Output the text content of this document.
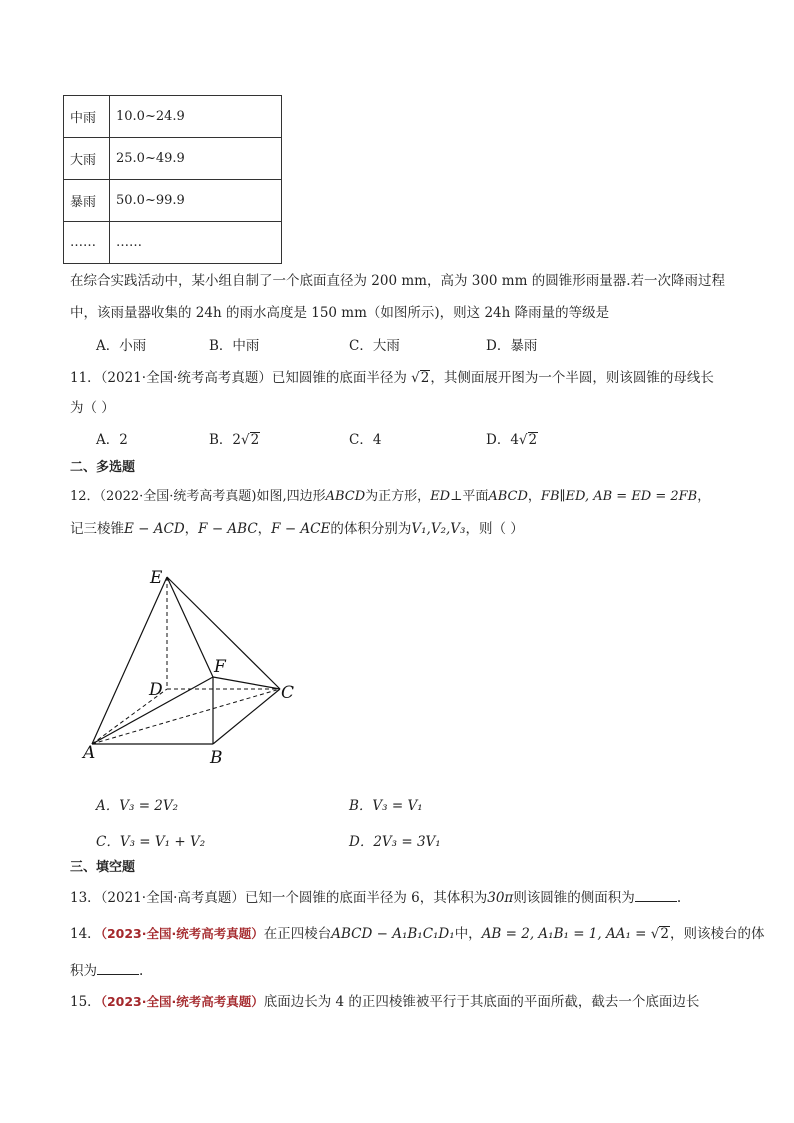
中雨	10.0~24.9
大雨	25.0~49.9
暴雨	50.0~99.9
……	……
在综合实践活动中，某小组自制了一个底面直径为 200 mm，高为 300 mm 的圆锥形雨量器.若一次降雨过程
中，该雨量器收集的 24h 的雨水高度是 150 mm（如图所示)，则这 24h 降雨量的等级是
A．小雨	B．中雨	C．大雨	D．暴雨
11．（2021·全国·统考高考真题）已知圆锥的底面半径为 √2，其侧面展开图为一个半圆，则该圆锥的母线长
为（ ）
A．2	B．2√2	C．4	D．4√2
二、多选题
12．（2022·全国·统考高考真题)如图,四边形ABCD为正方形，ED⊥平面ABCD，FB∥ED, AB = ED = 2FB，
记三棱锥E − ACD，F − ABC，F − ACE的体积分别为V₁,V₂,V₃，则（ ）
E
F
D	C
A	B
A．V₃ = 2V₂	B．V₃ = V₁
C．V₃ = V₁ + V₂	D．2V₃ = 3V₁
三、填空题
13．（2021·全国·高考真题）已知一个圆锥的底面半径为 6，其体积为30π则该圆锥的侧面积为	.
14．（2023·全国·统考高考真题）在正四棱台ABCD − A₁B₁C₁D₁中，AB = 2, A₁B₁ = 1, AA₁ = √2，则该棱台的体
积为	.
15．（2023·全国·统考高考真题）底面边长为 4 的正四棱锥被平行于其底面的平面所截，截去一个底面边长
